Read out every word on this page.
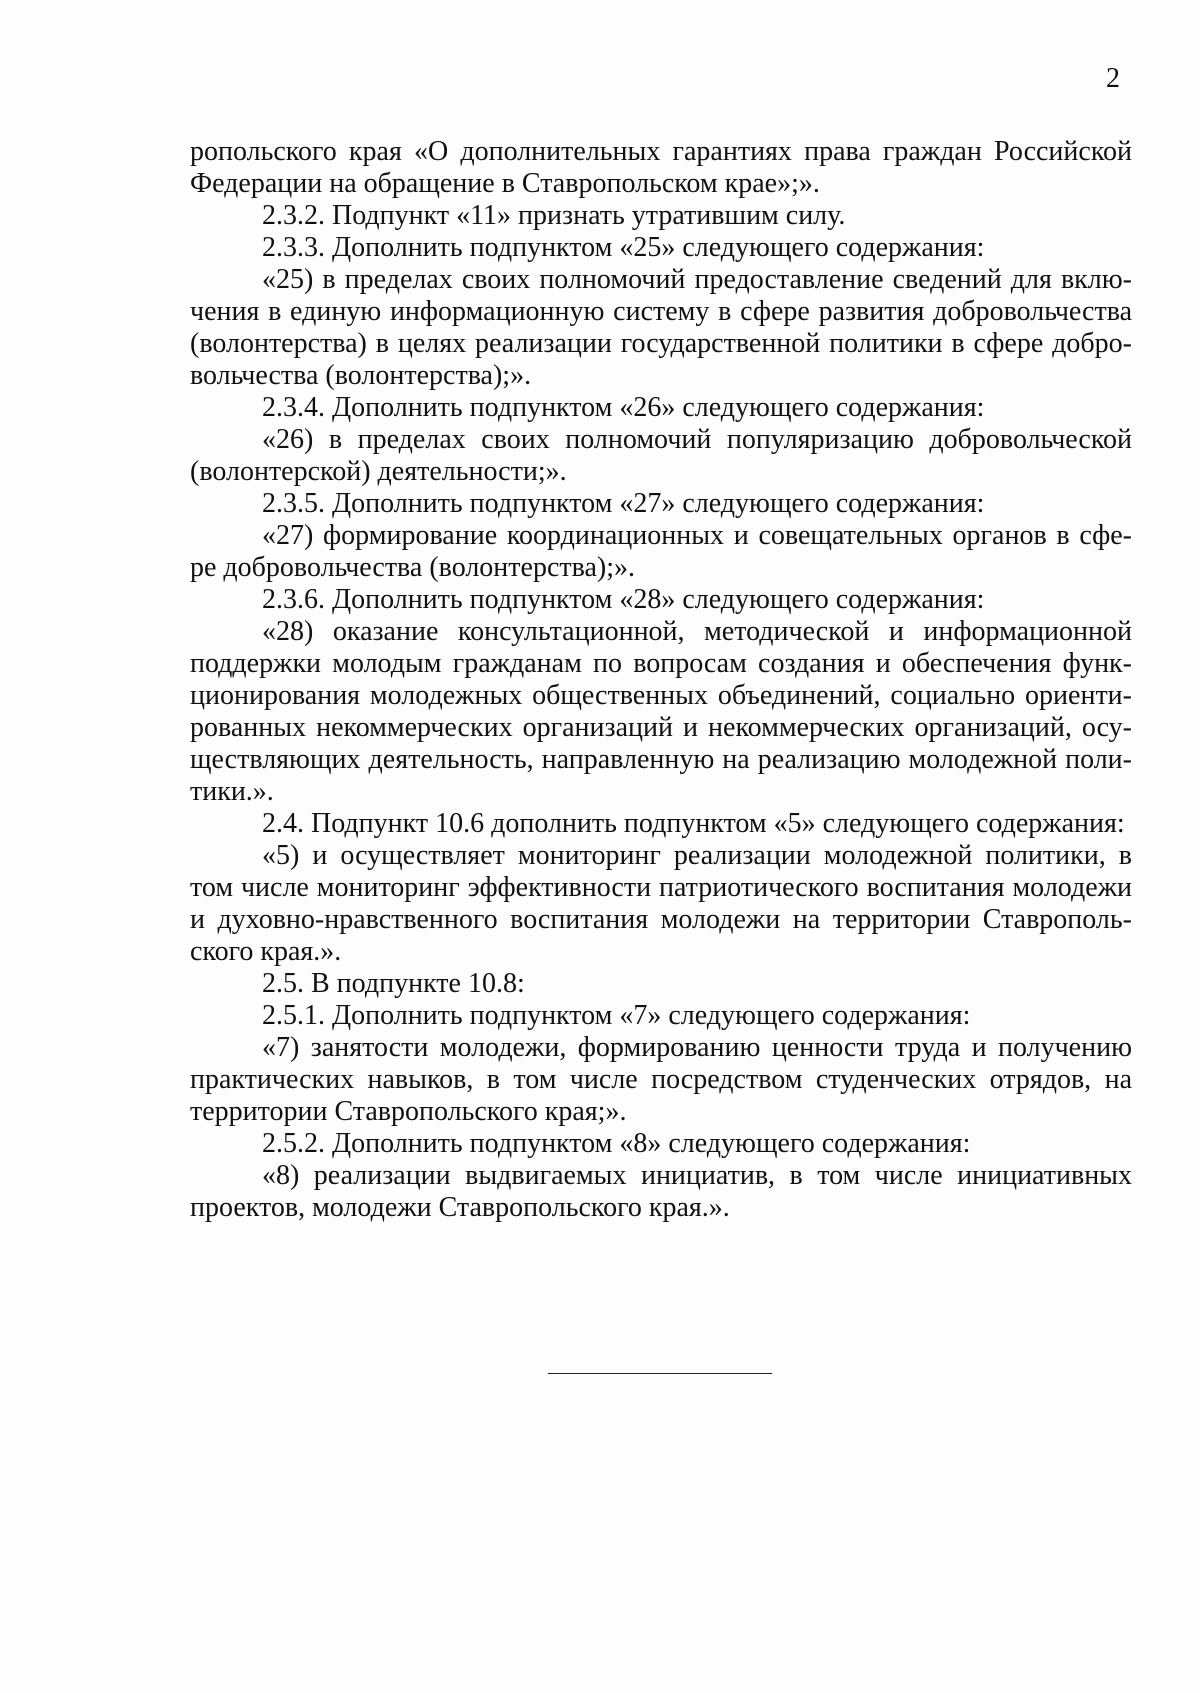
2
ропольского края «О дополнительных гарантиях права граждан Российской
Федерации на обращение в Ставропольском крае»;».
2.3.2. Подпункт «11» признать утратившим силу.
2.3.3. Дополнить подпунктом «25» следующего содержания:
«25) в пределах своих полномочий предоставление сведений для вклю-
чения в единую информационную систему в сфере развития добровольчества
(волонтерства) в целях реализации государственной политики в сфере добро-
вольчества (волонтерства);».
2.3.4. Дополнить подпунктом «26» следующего содержания:
«26) в пределах своих полномочий популяризацию добровольческой
(волонтерской) деятельности;».
2.3.5. Дополнить подпунктом «27» следующего содержания:
«27) формирование координационных и совещательных органов в сфе-
ре добровольчества (волонтерства);».
2.3.6. Дополнить подпунктом «28» следующего содержания:
«28) оказание консультационной, методической и информационной
поддержки молодым гражданам по вопросам создания и обеспечения функ-
ционирования молодежных общественных объединений, социально ориенти-
рованных некоммерческих организаций и некоммерческих организаций, осу-
ществляющих деятельность, направленную на реализацию молодежной поли-
тики.».
2.4. Подпункт 10.6 дополнить подпунктом «5» следующего содержания:
«5) и осуществляет мониторинг реализации молодежной политики, в
том числе мониторинг эффективности патриотического воспитания молодежи
и духовно-нравственного воспитания молодежи на территории Ставрополь-
ского края.».
2.5. В подпункте 10.8:
2.5.1. Дополнить подпунктом «7» следующего содержания:
«7) занятости молодежи, формированию ценности труда и получению
практических навыков, в том числе посредством студенческих отрядов, на
территории Ставропольского края;».
2.5.2. Дополнить подпунктом «8» следующего содержания:
«8) реализации выдвигаемых инициатив, в том числе инициативных
проектов, молодежи Ставропольского края.».
